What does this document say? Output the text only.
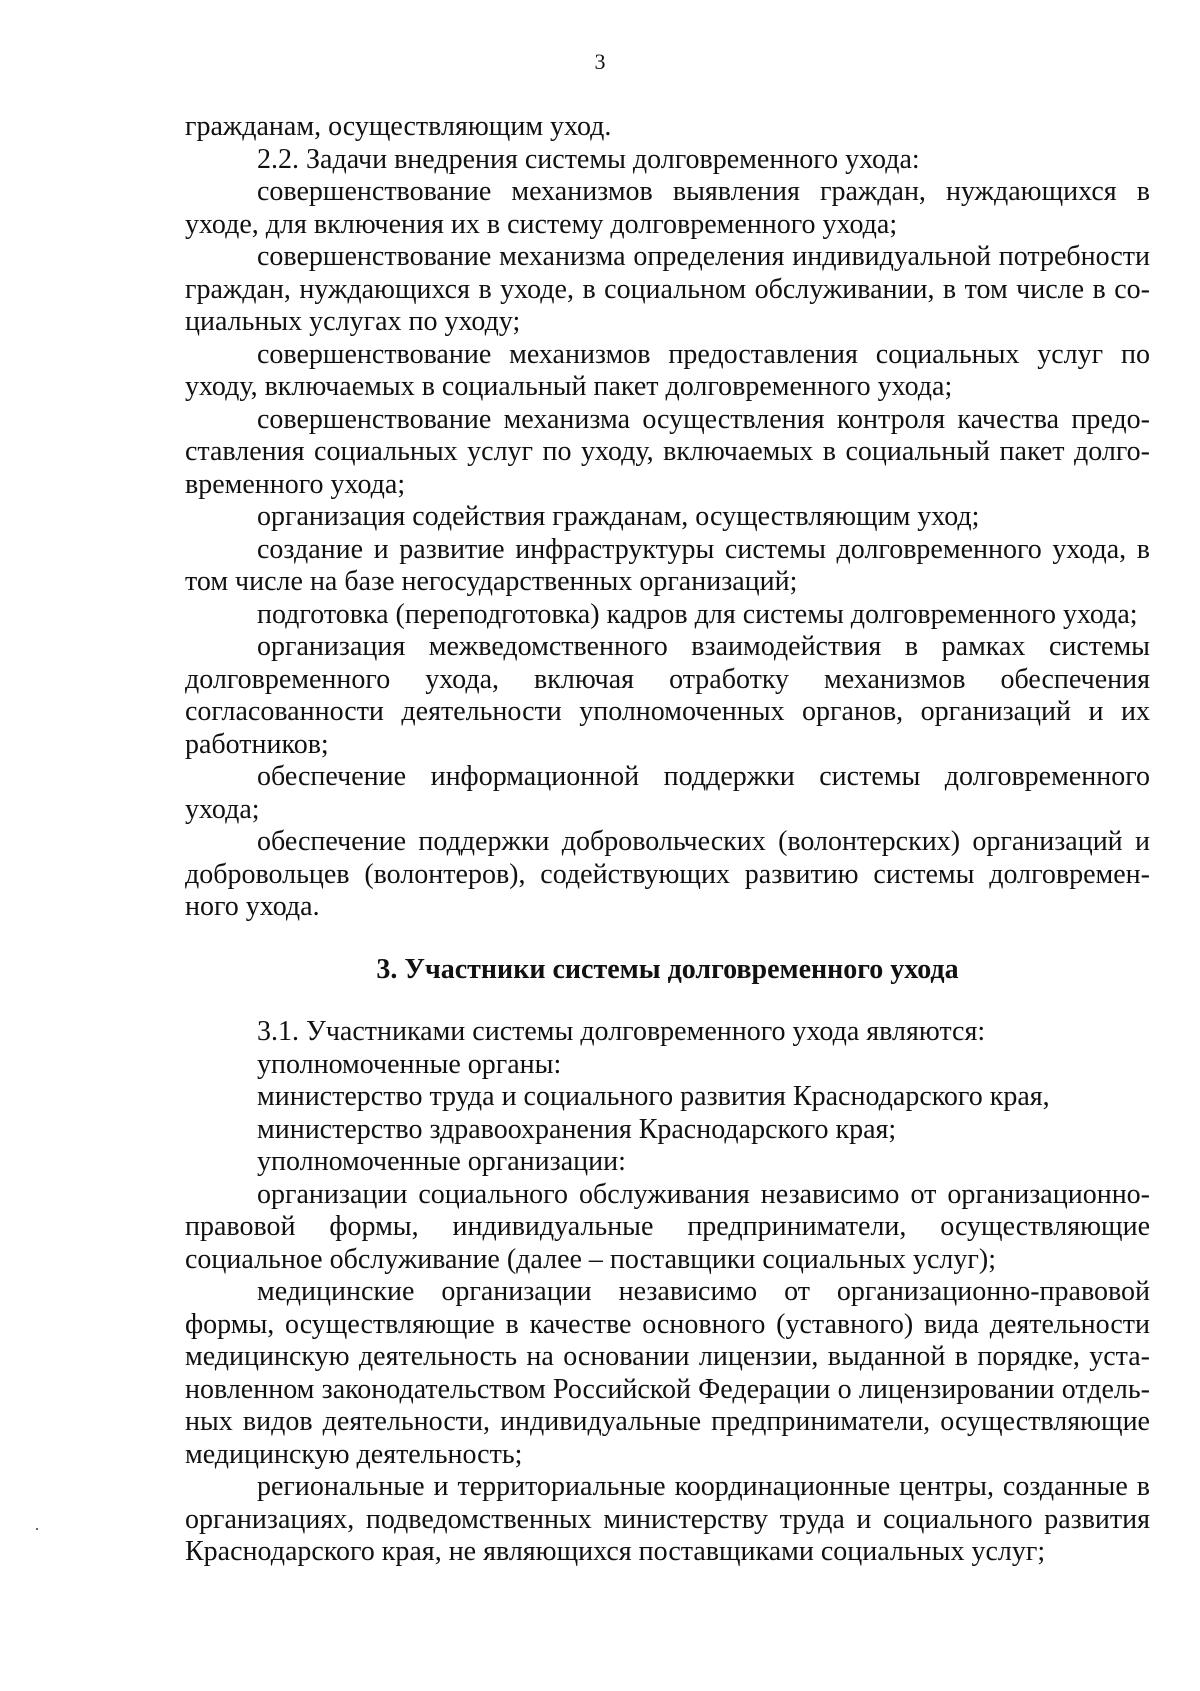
3

гражданам, осуществляющим уход.

2.2. Задачи внедрения системы долговременного ухода:

совершенствование механизмов выявления граждан, нуждающихся в уходе, для включения их в систему долговременного ухода;

совершенствование механизма определения индивидуальной потребности граждан, нуждающихся в уходе, в социальном обслуживании, в том числе в социальных услугах по уходу;

совершенствование механизмов предоставления социальных услуг по уходу, включаемых в социальный пакет долговременного ухода;

совершенствование механизма осуществления контроля качества предоставления социальных услуг по уходу, включаемых в социальный пакет долговременного ухода;

организация содействия гражданам, осуществляющим уход;

создание и развитие инфраструктуры системы долговременного ухода, в том числе на базе негосударственных организаций;

подготовка (переподготовка) кадров для системы долговременного ухода;

организация межведомственного взаимодействия в рамках системы долговременного ухода, включая отработку механизмов обеспечения согласованности деятельности уполномоченных органов, организаций и их работников;

обеспечение информационной поддержки системы долговременного ухода;

обеспечение поддержки добровольческих (волонтерских) организаций и добровольцев (волонтеров), содействующих развитию системы долговременного ухода.

3. Участники системы долговременного ухода

3.1. Участниками системы долговременного ухода являются:

уполномоченные органы:

министерство труда и социального развития Краснодарского края,

министерство здравоохранения Краснодарского края;

уполномоченные организации:

организации социального обслуживания независимо от организационно-правовой формы, индивидуальные предприниматели, осуществляющие социальное обслуживание (далее – поставщики социальных услуг);

медицинские организации независимо от организационно-правовой формы, осуществляющие в качестве основного (уставного) вида деятельности медицинскую деятельность на основании лицензии, выданной в порядке, установленном законодательством Российской Федерации о лицензировании отдельных видов деятельности, индивидуальные предприниматели, осуществляющие медицинскую деятельность;

региональные и территориальные координационные центры, созданные в организациях, подведомственных министерству труда и социального развития Краснодарского края, не являющихся поставщиками социальных услуг;
